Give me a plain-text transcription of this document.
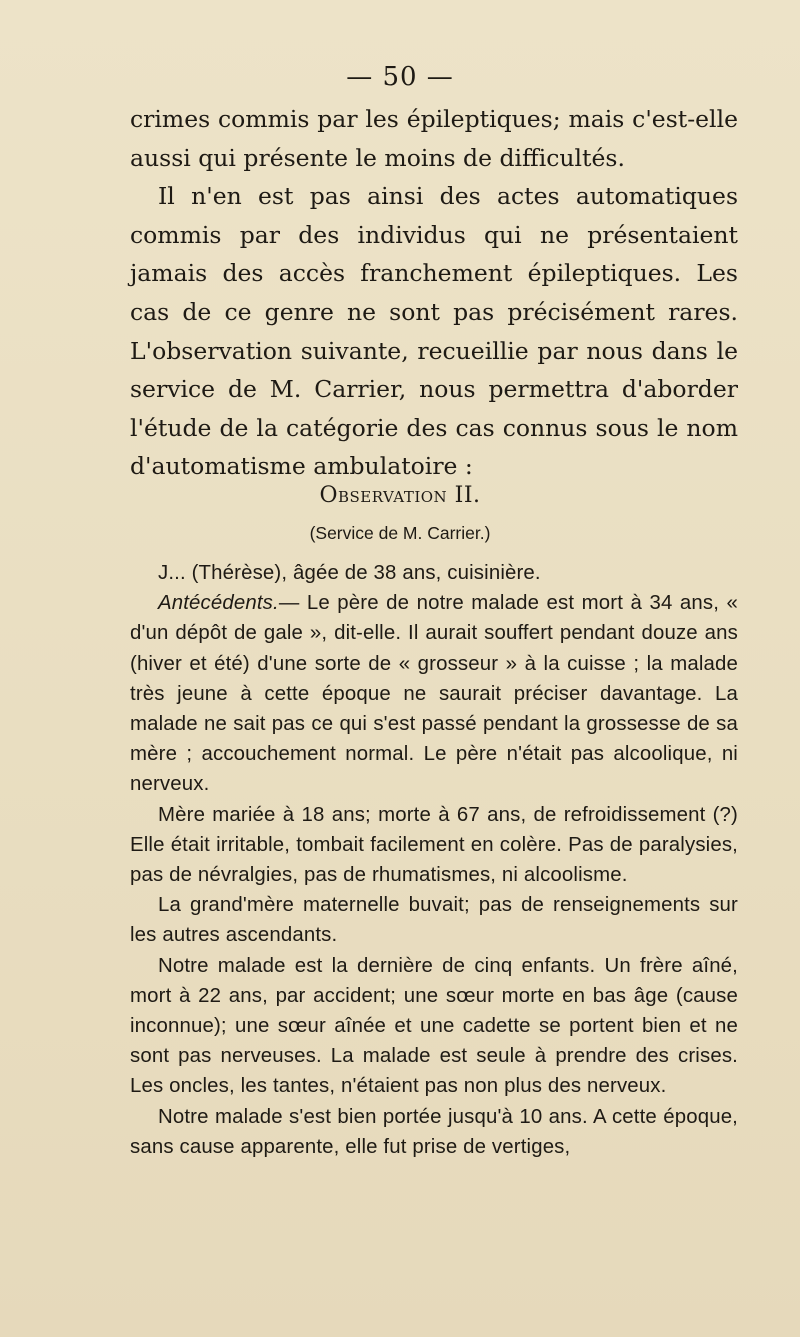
— 50 —

crimes commis par les épileptiques; mais c'est-elle aussi qui présente le moins de difficultés.

Il n'en est pas ainsi des actes automatiques commis par des individus qui ne présentaient jamais des accès franchement épileptiques. Les cas de ce genre ne sont pas précisément rares. L'observation suivante, recueillie par nous dans le service de M. Carrier, nous permettra d'aborder l'étude de la catégorie des cas connus sous le nom d'automatisme ambulatoire :

Observation II.
(Service de M. Carrier.)

J... (Thérèse), âgée de 38 ans, cuisinière.

Antécédents.— Le père de notre malade est mort à 34 ans, « d'un dépôt de gale », dit-elle. Il aurait souffert pendant douze ans (hiver et été) d'une sorte de « grosseur » à la cuisse ; la malade très jeune à cette époque ne saurait préciser davantage. La malade ne sait pas ce qui s'est passé pendant la grossesse de sa mère ; accouchement normal. Le père n'était pas alcoolique, ni nerveux.

Mère mariée à 18 ans; morte à 67 ans, de refroidissement (?) Elle était irritable, tombait facilement en colère. Pas de paralysies, pas de névralgies, pas de rhumatismes, ni alcoolisme.

La grand'mère maternelle buvait; pas de renseignements sur les autres ascendants.

Notre malade est la dernière de cinq enfants. Un frère aîné, mort à 22 ans, par accident; une sœur morte en bas âge (cause inconnue); une sœur aînée et une cadette se portent bien et ne sont pas nerveuses. La malade est seule à prendre des crises. Les oncles, les tantes, n'étaient pas non plus des nerveux.

Notre malade s'est bien portée jusqu'à 10 ans. A cette époque, sans cause apparente, elle fut prise de vertiges,
